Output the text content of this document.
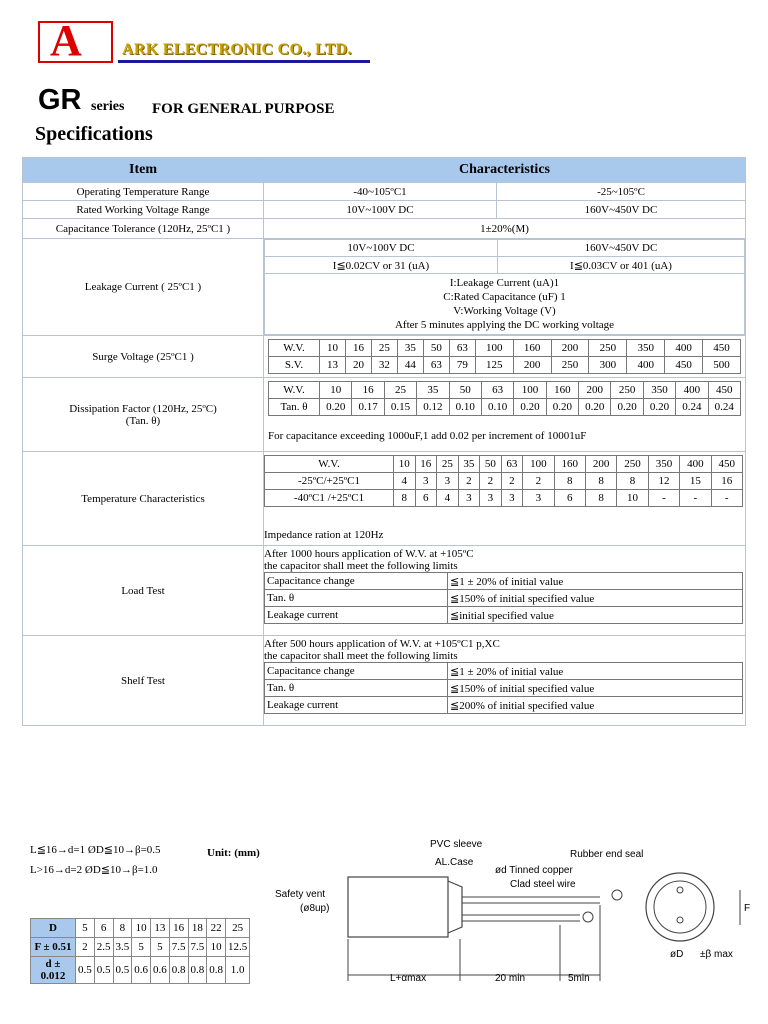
A	ARK ELECTRONIC CO., LTD.
GR series FOR GENERAL PURPOSE
Specifications
Item	Characteristics
Operating Temperature Range	-40~105ºC1	-25~105ºC
Rated Working Voltage Range	10V~100V DC	160V~450V DC
Capacitance Tolerance (120Hz, 25ºC1 )	1±20%(M)
Leakage Current ( 25ºC1 )	
10V~100V DC	160V~450V DC
I≦0.02CV or 31 (uA)	I≦0.03CV or 401 (uA)

I:Leakage Current (uA)1
C:Rated Capacitance (uF) 1
V:Working Voltage (V)
After 5 minutes applying the DC working voltage

Surge Voltage (25ºC1 )	
W.V.	10	16	25	35	50	63	100	160	200	250	350	400	450
S.V.	13	20	32	44	63	79	125	200	250	300	400	450	500

Dissipation Factor (120Hz, 25ºC)
(Tan. θ)

W.V.	10	16	25	35	50	63	100	160	200	250	350	400	450
Tan. θ	0.20	0.17	0.15	0.12	0.10	0.10	0.20	0.20	0.20	0.20	0.20	0.24	0.24
For capacitance exceeding 1000uF,1 add 0.02 per increment of 10001uF

Temperature Characteristics	
W.V.	10	16	25	35	50	63	100	160	200	250	350	400	450
-25ºC/+25ºC1	4	3	3	2	2	2	2	8	8	8	12	15	16
-40ºC1 /+25ºC1	8	6	4	3	3	3	3	6	8	10	-	-	-
Impedance ration at 120Hz

Load Test	
After 1000 hours application of W.V. at +105ºC
the capacitor shall meet the following limits
Capacitance change	≦1 ± 20% of initial value
Tan. θ	≦150% of initial specified value
Leakage current	≦initial specified value

Shelf Test	
After 500 hours application of W.V. at +105ºC1 p,XC
the capacitor shall meet the following limits
Capacitance change	≦1 ± 20% of initial value
Tan. θ	≦150% of initial specified value
Leakage current	≦200% of initial specified value
L≦16→d=1 ØD≦10→β=0.5
L>16→d=2 ØD≦10→β=1.0
Unit: (mm)
D	5	6	8	10	13	16	18	22	25
F ± 0.51	2	2.5	3.5	5	5	7.5	7.5	10	12.5
d ± 0.012	0.5	0.5	0.5	0.6	0.6	0.8	0.8	0.8	1.0
PVC sleeve
AL.Case
Rubber end seal
Safety vent
(ø8up)
ød Tinned copper
Clad steel wire
L+αmax	20 min	5min
øD ±β max
F
